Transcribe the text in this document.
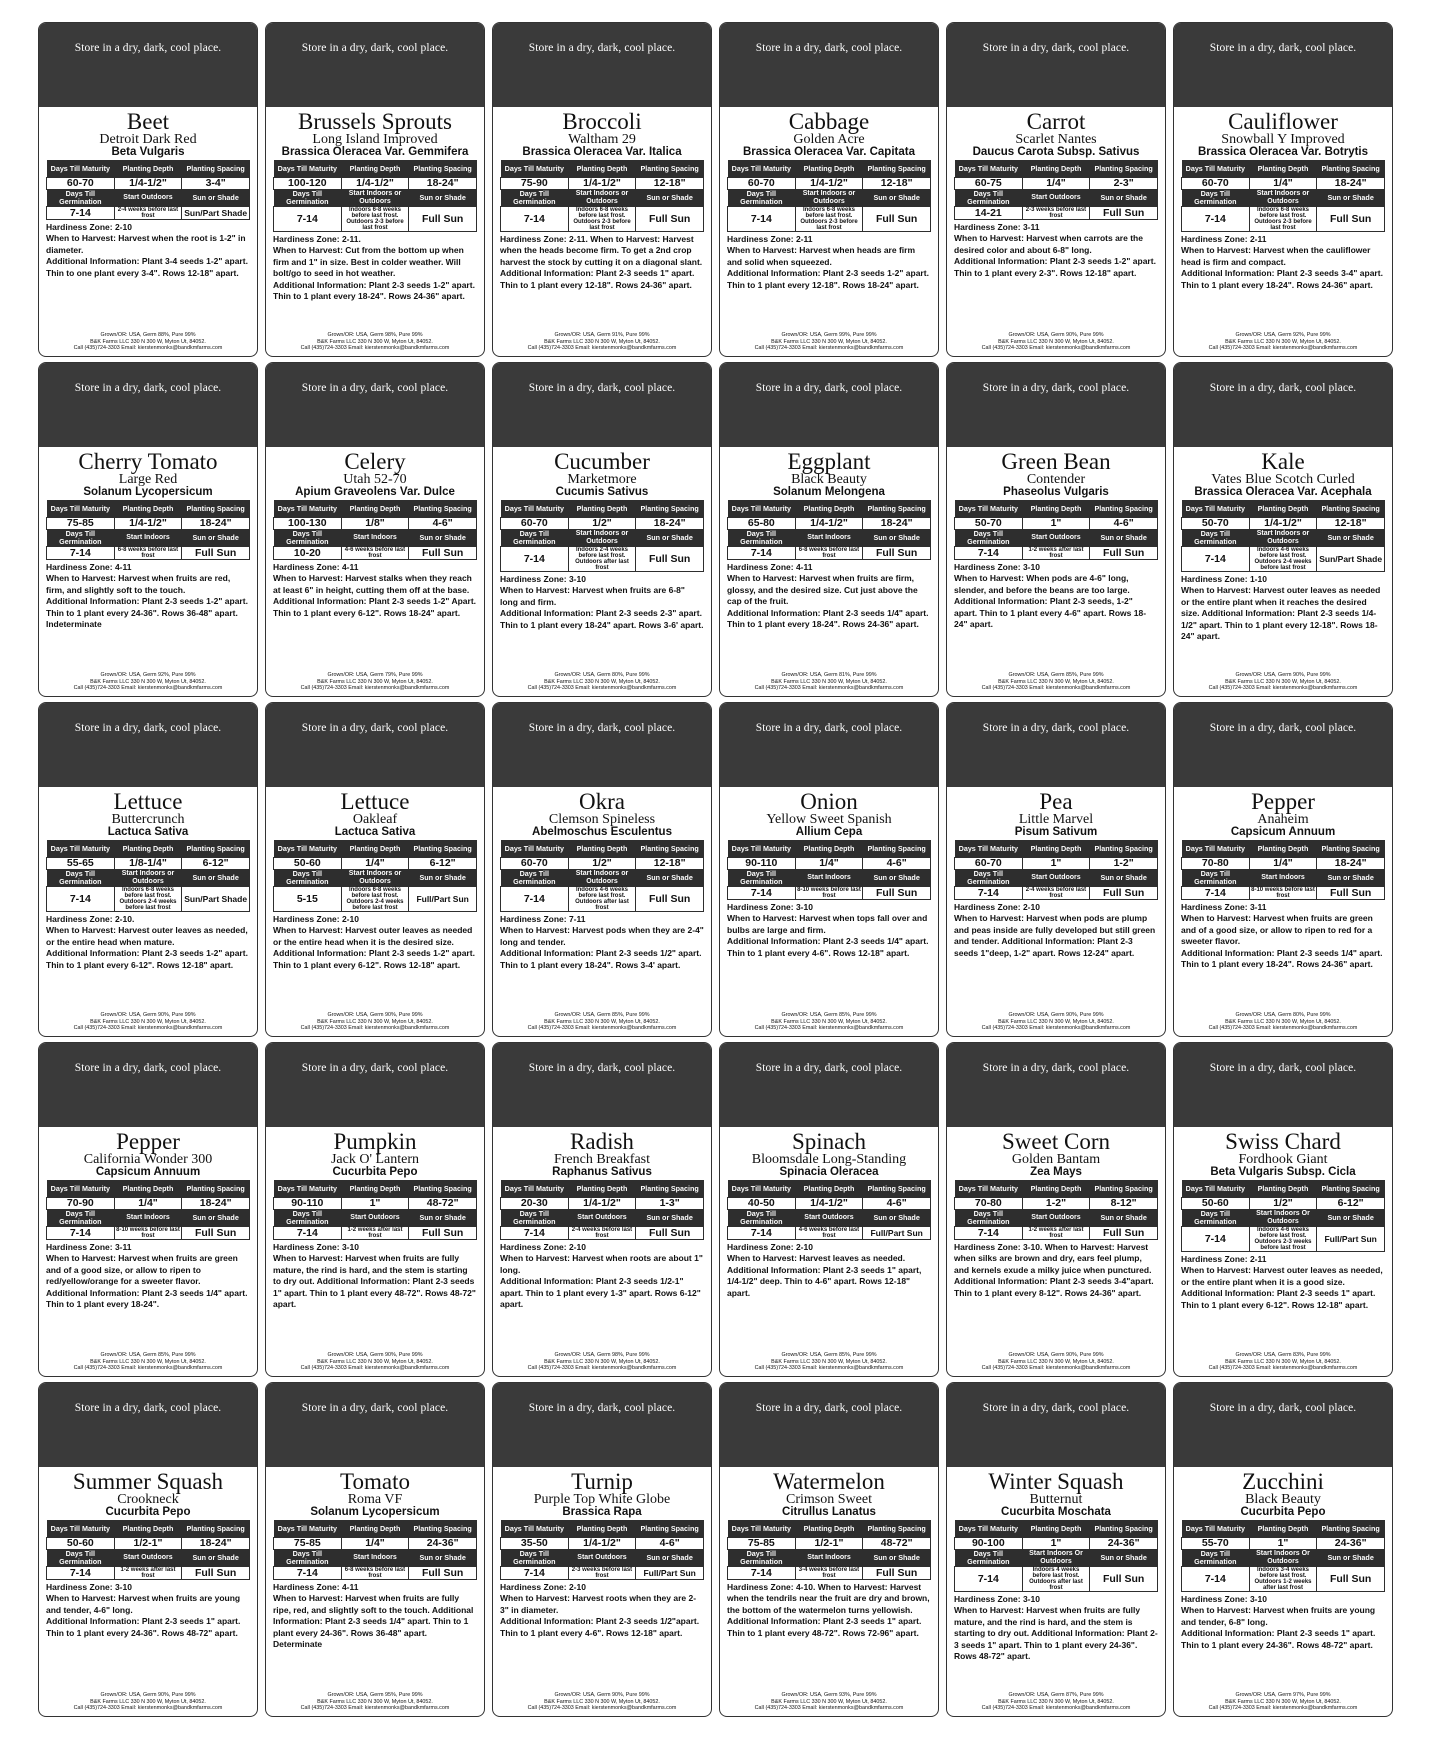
Store in a dry, dark, cool place.
Beet
Detroit Dark Red
Beta Vulgaris
Days Till Maturity	Planting Depth	Planting Spacing
60-70	1/4-1/2"	3-4"
Days Till Germination	Start Outdoors	Sun or Shade
7-14	2-4 weeks before last frost	Sun/Part Shade
Hardiness Zone: 2-10
When to Harvest: Harvest when the root is 1-2" in diameter.
Additional Information: Plant 3-4 seeds 1-2" apart. Thin to one plant every 3-4". Rows 12-18" apart.
Grown/OR: USA, Germ 88%, Pure 99%
B&K Farms LLC 330 N 300 W, Myton Ut, 84052.
Call (435)724-3303 Email: kierstenmonks@bandkmfarms.com
Store in a dry, dark, cool place.
Brussels Sprouts
Long Island Improved
Brassica Oleracea Var. Gemmifera
Days Till Maturity	Planting Depth	Planting Spacing
100-120	1/4-1/2"	18-24"
Days Till Germination	Start Indoors or Outdoors	Sun or Shade
7-14	Indoors 6-8 weeks before last frost. Outdoors 2-3 before last frost	Full Sun
Hardiness Zone: 2-11.
When to Harvest: Cut from the bottom up when firm and 1" in size. Best in colder weather. Will bolt/go to seed in hot weather.
Additional Information: Plant 2-3 seeds 1-2" apart. Thin to 1 plant every 18-24". Rows 24-36" apart.
Grown/OR: USA, Germ 98%, Pure 99%
B&K Farms LLC 330 N 300 W, Myton Ut, 84052.
Call (435)724-3303 Email: kierstenmonks@bandkmfarms.com
Store in a dry, dark, cool place.
Broccoli
Waltham 29
Brassica Oleracea Var. Italica
Days Till Maturity	Planting Depth	Planting Spacing
75-90	1/4-1/2"	12-18"
Days Till Germination	Start Indoors or Outdoors	Sun or Shade
7-14	Indoors 6-8 weeks before last frost. Outdoors 2-3 before last frost	Full Sun
Hardiness Zone: 2-11. When to Harvest: Harvest when the heads become firm. To get a 2nd crop harvest the stock by cutting it on a diagonal slant. Additional Information: Plant 2-3 seeds 1" apart. Thin to 1 plant every 12-18". Rows 24-36" apart.
Grown/OR: USA, Germ 91%, Pure 99%
B&K Farms LLC 330 N 300 W, Myton Ut, 84052.
Call (435)724-3303 Email: kierstenmonks@bandkmfarms.com
Store in a dry, dark, cool place.
Cabbage
Golden Acre
Brassica Oleracea Var. Capitata
Days Till Maturity	Planting Depth	Planting Spacing
60-70	1/4-1/2"	12-18"
Days Till Germination	Start Indoors or Outdoors	Sun or Shade
7-14	Indoors 6-8 weeks before last frost. Outdoors 2-3 before last frost	Full Sun
Hardiness Zone: 2-11
When to Harvest: Harvest when heads are firm and solid when squeezed.
Additional Information: Plant 2-3 seeds 1-2" apart. Thin to 1 plant every 12-18". Rows 18-24" apart.
Grown/OR: USA, Germ 99%, Pure 99%
B&K Farms LLC 330 N 300 W, Myton Ut, 84052.
Call (435)724-3303 Email: kierstenmonks@bandkmfarms.com
Store in a dry, dark, cool place.
Carrot
Scarlet Nantes
Daucus Carota Subsp. Sativus
Days Till Maturity	Planting Depth	Planting Spacing
60-75	1/4"	2-3"
Days Till Germination	Start Outdoors	Sun or Shade
14-21	2-3 weeks before last frost	Full Sun
Hardiness Zone: 3-11
When to Harvest: Harvest when carrots are the desired color and about 6-8" long.
Additional Information: Plant 2-3 seeds 1-2" apart. Thin to 1 plant every 2-3". Rows 12-18" apart.
Grown/OR: USA, Germ 90%, Pure 99%
B&K Farms LLC 330 N 300 W, Myton Ut, 84052.
Call (435)724-3303 Email: kierstenmonks@bandkmfarms.com
Store in a dry, dark, cool place.
Cauliflower
Snowball Y Improved
Brassica Oleracea Var. Botrytis
Days Till Maturity	Planting Depth	Planting Spacing
60-70	1/4"	18-24"
Days Till Germination	Start Indoors or Outdoors	Sun or Shade
7-14	Indoors 6-8 weeks before last frost. Outdoors 2-3 before last frost	Full Sun
Hardiness Zone: 2-11
When to Harvest: Harvest when the cauliflower head is firm and compact.
Additional Information: Plant 2-3 seeds 3-4" apart. Thin to 1 plant every 18-24". Rows 24-36" apart.
Grown/OR: USA, Germ 92%, Pure 99%
B&K Farms LLC 330 N 300 W, Myton Ut, 84052.
Call (435)724-3303 Email: kierstenmonks@bandkmfarms.com
Store in a dry, dark, cool place.
Cherry Tomato
Large Red
Solanum Lycopersicum
Days Till Maturity	Planting Depth	Planting Spacing
75-85	1/4-1/2"	18-24"
Days Till Germination	Start Indoors	Sun or Shade
7-14	6-8 weeks before last frost	Full Sun
Hardiness Zone: 4-11
When to Harvest: Harvest when fruits are red, firm, and slightly soft to the touch.
Additional Information: Plant 2-3 seeds 1-2" apart. Thin to 1 plant every 24-36". Rows 36-48" apart. Indeterminate
Grown/OR: USA, Germ 92%, Pure 99%
B&K Farms LLC 330 N 300 W, Myton Ut, 84052.
Call (435)724-3303 Email: kierstenmonks@bandkmfarms.com
Store in a dry, dark, cool place.
Celery
Utah 52-70
Apium Graveolens Var. Dulce
Days Till Maturity	Planting Depth	Planting Spacing
100-130	1/8"	4-6"
Days Till Germination	Start Indoors	Sun or Shade
10-20	4-6 weeks before last frost	Full Sun
Hardiness Zone: 4-11
When to Harvest: Harvest stalks when they reach at least 6" in height, cutting them off at the base. Additional Information: Plant 2-3 seeds 1-2" Apart. Thin to 1 plant every 6-12". Rows 18-24" apart.
Grown/OR: USA, Germ 79%, Pure 99%
B&K Farms LLC 330 N 300 W, Myton Ut, 84052.
Call (435)724-3303 Email: kierstenmonks@bandkmfarms.com
Store in a dry, dark, cool place.
Cucumber
Marketmore
Cucumis Sativus
Days Till Maturity	Planting Depth	Planting Spacing
60-70	1/2"	18-24"
Days Till Germination	Start Indoors or Outdoors	Sun or Shade
7-14	Indoors 2-4 weeks before last frost. Outdoors after last frost	Full Sun
Hardiness Zone: 3-10
When to Harvest: Harvest when fruits are 6-8" long and firm.
Additional Information: Plant 2-3 seeds 2-3" apart. Thin to 1 plant every 18-24" apart. Rows 3-6' apart.
Grown/OR: USA, Germ 80%, Pure 99%
B&K Farms LLC 330 N 300 W, Myton Ut, 84052.
Call (435)724-3303 Email: kierstenmonks@bandkmfarms.com
Store in a dry, dark, cool place.
Eggplant
Black Beauty
Solanum Melongena
Days Till Maturity	Planting Depth	Planting Spacing
65-80	1/4-1/2"	18-24"
Days Till Germination	Start Indoors	Sun or Shade
7-14	6-8 weeks before last frost	Full Sun
Hardiness Zone: 4-11
When to Harvest: Harvest when fruits are firm, glossy, and the desired size. Cut just above the cap of the fruit.
Additional Information: Plant 2-3 seeds 1/4" apart. Thin to 1 plant every 18-24". Rows 24-36" apart.
Grown/OR: USA, Germ 81%, Pure 99%
B&K Farms LLC 330 N 300 W, Myton Ut, 84052.
Call (435)724-3303 Email: kierstenmonks@bandkmfarms.com
Store in a dry, dark, cool place.
Green Bean
Contender
Phaseolus Vulgaris
Days Till Maturity	Planting Depth	Planting Spacing
50-70	1"	4-6"
Days Till Germination	Start Outdoors	Sun or Shade
7-14	1-2 weeks after last frost	Full Sun
Hardiness Zone: 3-10
When to Harvest: When pods are 4-6" long, slender, and before the beans are too large. Additional Information: Plant 2-3 seeds, 1-2" apart. Thin to 1 plant every 4-6" apart. Rows 18-24" apart.
Grown/OR: USA, Germ 85%, Pure 99%
B&K Farms LLC 330 N 300 W, Myton Ut, 84052.
Call (435)724-3303 Email: kierstenmonks@bandkmfarms.com
Store in a dry, dark, cool place.
Kale
Vates Blue Scotch Curled
Brassica Oleracea Var. Acephala
Days Till Maturity	Planting Depth	Planting Spacing
50-70	1/4-1/2"	12-18"
Days Till Germination	Start Indoors or Outdoors	Sun or Shade
7-14	Indoors 4-6 weeks before last frost. Outdoors 2-4 weeks before last frost	Sun/Part Shade
Hardiness Zone: 1-10
When to Harvest: Harvest outer leaves as needed or the entire plant when it reaches the desired size. Additional Information: Plant 2-3 seeds 1/4-1/2" apart. Thin to 1 plant every 12-18". Rows 18-24" apart.
Grown/OR: USA, Germ 90%, Pure 99%
B&K Farms LLC 330 N 300 W, Myton Ut, 84052.
Call (435)724-3303 Email: kierstenmonks@bandkmfarms.com
Store in a dry, dark, cool place.
Lettuce
Buttercrunch
Lactuca Sativa
Days Till Maturity	Planting Depth	Planting Spacing
55-65	1/8-1/4"	6-12"
Days Till Germination	Start Indoors or Outdoors	Sun or Shade
7-14	Indoors 6-8 weeks before last frost. Outdoors 2-4 weeks before last frost	Sun/Part Shade
Hardiness Zone: 2-10.
When to Harvest: Harvest outer leaves as needed, or the entire head when mature.
Additional Information: Plant 2-3 seeds 1-2" apart. Thin to 1 plant every 6-12". Rows 12-18" apart.
Grown/OR: USA, Germ 90%, Pure 99%
B&K Farms LLC 330 N 300 W, Myton Ut, 84052.
Call (435)724-3303 Email: kierstenmonks@bandkmfarms.com
Store in a dry, dark, cool place.
Lettuce
Oakleaf
Lactuca Sativa
Days Till Maturity	Planting Depth	Planting Spacing
50-60	1/4"	6-12"
Days Till Germination	Start Indoors or Outdoors	Sun or Shade
5-15	Indoors 6-8 weeks before last frost. Outdoors 2-4 weeks before last frost	Full/Part Sun
Hardiness Zone: 2-10
When to Harvest: Harvest outer leaves as needed or the entire head when it is the desired size. Additional Information: Plant 2-3 seeds 1-2" apart. Thin to 1 plant every 6-12". Rows 12-18" apart.
Grown/OR: USA, Germ 90%, Pure 99%
B&K Farms LLC 330 N 300 W, Myton Ut, 84052.
Call (435)724-3303 Email: kierstenmonks@bandkmfarms.com
Store in a dry, dark, cool place.
Okra
Clemson Spineless
Abelmoschus Esculentus
Days Till Maturity	Planting Depth	Planting Spacing
60-70	1/2"	12-18"
Days Till Germination	Start Indoors or Outdoors	Sun or Shade
7-14	Indoors 4-6 weeks before last frost. Outdoors after last frost	Full Sun
Hardiness Zone: 7-11
When to Harvest: Harvest pods when they are 2-4" long and tender.
Additional Information: Plant 2-3 seeds 1/2" apart. Thin to 1 plant every 18-24". Rows 3-4' apart.
Grown/OR: USA, Germ 85%, Pure 99%
B&K Farms LLC 330 N 300 W, Myton Ut, 84052.
Call (435)724-3303 Email: kierstenmonks@bandkmfarms.com
Store in a dry, dark, cool place.
Onion
Yellow Sweet Spanish
Allium Cepa
Days Till Maturity	Planting Depth	Planting Spacing
90-110	1/4"	4-6"
Days Till Germination	Start Indoors	Sun or Shade
7-14	8-10 weeks before last frost	Full Sun
Hardiness Zone: 3-10
When to Harvest: Harvest when tops fall over and bulbs are large and firm.
Additional Information: Plant 2-3 seeds 1/4" apart. Thin to 1 plant every 4-6". Rows 12-18" apart.
Grown/OR: USA, Germ 85%, Pure 99%
B&K Farms LLC 330 N 300 W, Myton Ut, 84052.
Call (435)724-3303 Email: kierstenmonks@bandkmfarms.com
Store in a dry, dark, cool place.
Pea
Little Marvel
Pisum Sativum
Days Till Maturity	Planting Depth	Planting Spacing
60-70	1"	1-2"
Days Till Germination	Start Outdoors	Sun or Shade
7-14	2-4 weeks before last frost	Full Sun
Hardiness Zone: 2-10
When to Harvest: Harvest when pods are plump and peas inside are fully developed but still green and tender. Additional Information: Plant 2-3 seeds 1"deep, 1-2" apart. Rows 12-24" apart.
Grown/OR: USA, Germ 90%, Pure 99%
B&K Farms LLC 330 N 300 W, Myton Ut, 84052.
Call (435)724-3303 Email: kierstenmonks@bandkmfarms.com
Store in a dry, dark, cool place.
Pepper
Anaheim
Capsicum Annuum
Days Till Maturity	Planting Depth	Planting Spacing
70-80	1/4"	18-24"
Days Till Germination	Start Indoors	Sun or Shade
7-14	8-10 weeks before last frost	Full Sun
Hardiness Zone: 3-11
When to Harvest: Harvest when fruits are green and of a good size, or allow to ripen to red for a sweeter flavor.
Additional Information: Plant 2-3 seeds 1/4" apart. Thin to 1 plant every 18-24". Rows 24-36" apart.
Grown/OR: USA, Germ 80%, Pure 99%
B&K Farms LLC 330 N 300 W, Myton Ut, 84052.
Call (435)724-3303 Email: kierstenmonks@bandkmfarms.com
Store in a dry, dark, cool place.
Pepper
California Wonder 300
Capsicum Annuum
Days Till Maturity	Planting Depth	Planting Spacing
70-90	1/4"	18-24"
Days Till Germination	Start Indoors	Sun or Shade
7-14	8-10 weeks before last frost	Full Sun
Hardiness Zone: 3-11
When to Harvest: Harvest when fruits are green and of a good size, or allow to ripen to red/yellow/orange for a sweeter flavor.
Additional Information: Plant 2-3 seeds 1/4" apart. Thin to 1 plant every 18-24".
Grown/OR: USA, Germ 85%, Pure 99%
B&K Farms LLC 330 N 300 W, Myton Ut, 84052.
Call (435)724-3303 Email: kierstenmonks@bandkmfarms.com
Store in a dry, dark, cool place.
Pumpkin
Jack O' Lantern
Cucurbita Pepo
Days Till Maturity	Planting Depth	Planting Spacing
90-110	1"	48-72"
Days Till Germination	Start Outdoors	Sun or Shade
7-14	1-2 weeks after last frost	Full Sun
Hardiness Zone: 3-10
When to Harvest: Harvest when fruits are fully mature, the rind is hard, and the stem is starting to dry out. Additional Information: Plant 2-3 seeds 1" apart. Thin to 1 plant every 48-72". Rows 48-72" apart.
Grown/OR: USA, Germ 90%, Pure 99%
B&K Farms LLC 330 N 300 W, Myton Ut, 84052.
Call (435)724-3303 Email: kierstenmonks@bandkmfarms.com
Store in a dry, dark, cool place.
Radish
French Breakfast
Raphanus Sativus
Days Till Maturity	Planting Depth	Planting Spacing
20-30	1/4-1/2"	1-3"
Days Till Germination	Start Outdoors	Sun or Shade
7-14	2-4 weeks before last frost	Full Sun
Hardiness Zone: 2-10
When to Harvest: Harvest when roots are about 1" long.
Additional Information: Plant 2-3 seeds 1/2-1" apart. Thin to 1 plant every 1-3" apart. Rows 6-12" apart.
Grown/OR: USA, Germ 98%, Pure 99%
B&K Farms LLC 330 N 300 W, Myton Ut, 84052.
Call (435)724-3303 Email: kierstenmonks@bandkmfarms.com
Store in a dry, dark, cool place.
Spinach
Bloomsdale Long-Standing
Spinacia Oleracea
Days Till Maturity	Planting Depth	Planting Spacing
40-50	1/4-1/2"	4-6"
Days Till Germination	Start Outdoors	Sun or Shade
7-14	4-6 weeks before last frost	Full/Part Sun
Hardiness Zone: 2-10
When to Harvest: Harvest leaves as needed.
Additional Information: Plant 2-3 seeds 1" apart, 1/4-1/2" deep. Thin to 4-6" apart. Rows 12-18" apart.
Grown/OR: USA, Germ 85%, Pure 99%
B&K Farms LLC 330 N 300 W, Myton Ut, 84052.
Call (435)724-3303 Email: kierstenmonks@bandkmfarms.com
Store in a dry, dark, cool place.
Sweet Corn
Golden Bantam
Zea Mays
Days Till Maturity	Planting Depth	Planting Spacing
70-80	1-2"	8-12"
Days Till Germination	Start Outdoors	Sun or Shade
7-14	1-2 weeks after last frost	Full Sun
Hardiness Zone: 3-10. When to Harvest: Harvest when silks are brown and dry, ears feel plump, and kernels exude a milky juice when punctured. Additional Information: Plant 2-3 seeds 3-4"apart. Thin to 1 plant every 8-12". Rows 24-36" apart.
Grown/OR: USA, Germ 90%, Pure 99%
B&K Farms LLC 330 N 300 W, Myton Ut, 84052.
Call (435)724-3303 Email: kierstenmonks@bandkmfarms.com
Store in a dry, dark, cool place.
Swiss Chard
Fordhook Giant
Beta Vulgaris Subsp. Cicla
Days Till Maturity	Planting Depth	Planting Spacing
50-60	1/2"	6-12"
Days Till Germination	Start Indoors Or Outdoors	Sun or Shade
7-14	Indoors 4-6 weeks before last frost. Outdoors 2-3 weeks before last frost	Full/Part Sun
Hardiness Zone: 2-11
When to Harvest: Harvest outer leaves as needed, or the entire plant when it is a good size. Additional Information: Plant 2-3 seeds 1" apart. Thin to 1 plant every 6-12". Rows 12-18" apart.
Grown/OR: USA, Germ 83%, Pure 99%
B&K Farms LLC 330 N 300 W, Myton Ut, 84052.
Call (435)724-3303 Email: kierstenmonks@bandkmfarms.com
Store in a dry, dark, cool place.
Summer Squash
Crookneck
Cucurbita Pepo
Days Till Maturity	Planting Depth	Planting Spacing
50-60	1/2-1"	18-24"
Days Till Germination	Start Outdoors	Sun or Shade
7-14	1-2 weeks after last frost	Full Sun
Hardiness Zone: 3-10
When to Harvest: Harvest when fruits are young and tender, 4-6" long.
Additional Information: Plant 2-3 seeds 1" apart. Thin to 1 plant every 24-36". Rows 48-72" apart.
Grown/OR: USA, Germ 90%, Pure 99%
B&K Farms LLC 330 N 300 W, Myton Ut, 84052.
Call (435)724-3303 Email: kierstenmonks@bandkmfarms.com
Store in a dry, dark, cool place.
Tomato
Roma VF
Solanum Lycopersicum
Days Till Maturity	Planting Depth	Planting Spacing
75-85	1/4"	24-36"
Days Till Germination	Start Indoors	Sun or Shade
7-14	6-8 weeks before last frost	Full Sun
Hardiness Zone: 4-11
When to Harvest: Harvest when fruits are fully ripe, red, and slightly soft to the touch. Additional Information: Plant 2-3 seeds 1/4" apart. Thin to 1 plant every 24-36". Rows 36-48" apart. Determinate
Grown/OR: USA, Germ 95%, Pure 99%
B&K Farms LLC 330 N 300 W, Myton Ut, 84052.
Call (435)724-3303 Email: kierstenmonks@bandkmfarms.com
Store in a dry, dark, cool place.
Turnip
Purple Top White Globe
Brassica Rapa
Days Till Maturity	Planting Depth	Planting Spacing
35-50	1/4-1/2"	4-6"
Days Till Germination	Start Outdoors	Sun or Shade
7-14	2-3 weeks before last frost	Full/Part Sun
Hardiness Zone: 2-10
When to Harvest: Harvest roots when they are 2-3" in diameter.
Additional Information: Plant 2-3 seeds 1/2"apart. Thin to 1 plant every 4-6". Rows 12-18" apart.
Grown/OR: USA, Germ 90%, Pure 99%
B&K Farms LLC 330 N 300 W, Myton Ut, 84052.
Call (435)724-3303 Email: kierstenmonks@bandkmfarms.com
Store in a dry, dark, cool place.
Watermelon
Crimson Sweet
Citrullus Lanatus
Days Till Maturity	Planting Depth	Planting Spacing
75-85	1/2-1"	48-72"
Days Till Germination	Start Indoors	Sun or Shade
7-14	3-4 weeks before last frost	Full Sun
Hardiness Zone: 4-10. When to Harvest: Harvest when the tendrils near the fruit are dry and brown, the bottom of the watermelon turns yellowish. Additional Information: Plant 2-3 seeds 1" apart. Thin to 1 plant every 48-72". Rows 72-96" apart.
Grown/OR: USA, Germ 93%, Pure 99%
B&K Farms LLC 330 N 300 W, Myton Ut, 84052.
Call (435)724-3303 Email: kierstenmonks@bandkmfarms.com
Store in a dry, dark, cool place.
Winter Squash
Butternut
Cucurbita Moschata
Days Till Maturity	Planting Depth	Planting Spacing
90-100	1"	24-36"
Days Till Germination	Start Indoors Or Outdoors	Sun or Shade
7-14	Indoors 4 weeks before last frost. Outdoors after last frost	Full Sun
Hardiness Zone: 3-10
When to Harvest: Harvest when fruits are fully mature, and the rind is hard, and the stem is starting to dry out. Additional Information: Plant 2-3 seeds 1" apart. Thin to 1 plant every 24-36". Rows 48-72" apart.
Grown/OR: USA, Germ 87%, Pure 99%
B&K Farms LLC 330 N 300 W, Myton Ut, 84052.
Call (435)724-3303 Email: kierstenmonks@bandkmfarms.com
Store in a dry, dark, cool place.
Zucchini
Black Beauty
Cucurbita Pepo
Days Till Maturity	Planting Depth	Planting Spacing
55-70	1"	24-36"
Days Till Germination	Start Indoors Or Outdoors	Sun or Shade
7-14	Indoors 3-4 weeks before last frost. Outdoors 1-2 weeks after last frost	Full Sun
Hardiness Zone: 3-10
When to Harvest: Harvest when fruits are young and tender, 6-8" long.
Additional Information: Plant 2-3 seeds 1" apart. Thin to 1 plant every 24-36". Rows 48-72" apart.
Grown/OR: USA, Germ 97%, Pure 99%
B&K Farms LLC 330 N 300 W, Myton Ut, 84052.
Call (435)724-3303 Email: kierstenmonks@bandkmfarms.com
